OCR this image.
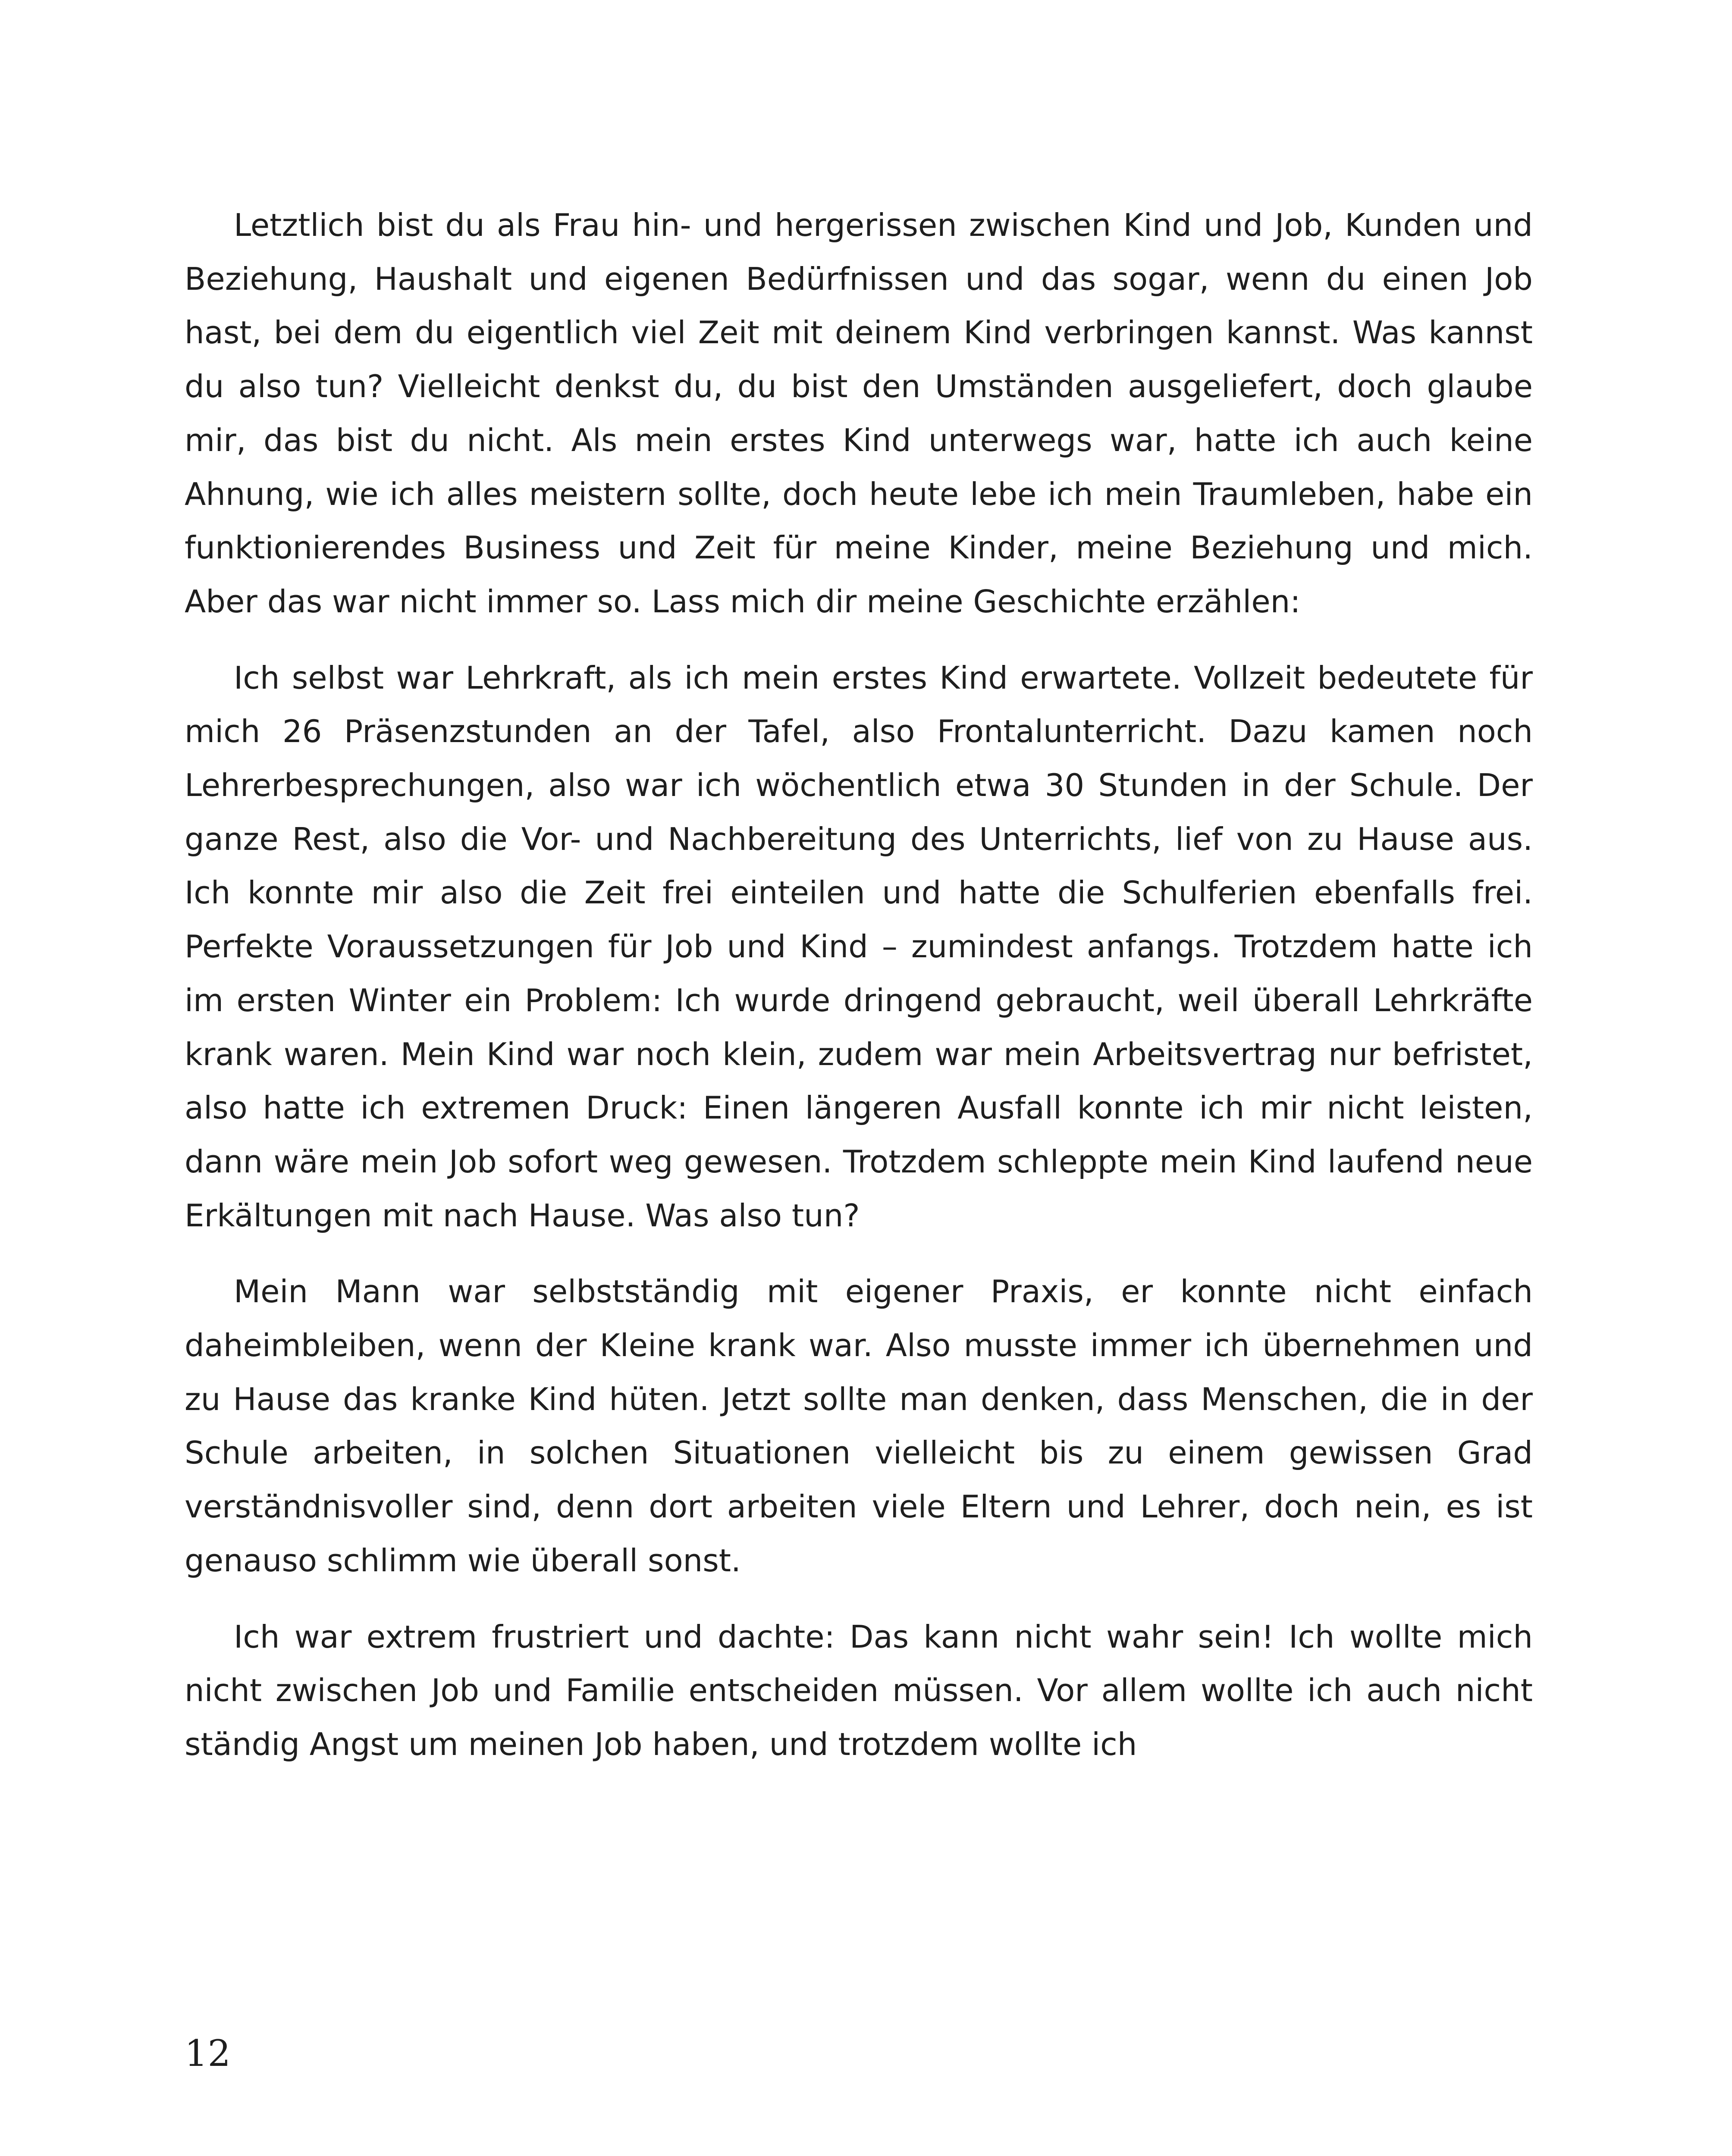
Letztlich bist du als Frau hin- und hergerissen zwischen Kind und Job, Kunden und Beziehung, Haushalt und eigenen Bedürfnissen und das sogar, wenn du einen Job hast, bei dem du eigentlich viel Zeit mit deinem Kind verbringen kannst. Was kannst du also tun? Vielleicht denkst du, du bist den Umständen ausgeliefert, doch glaube mir, das bist du nicht. Als mein erstes Kind unterwegs war, hatte ich auch keine Ahnung, wie ich alles meistern sollte, doch heute lebe ich mein Traumleben, habe ein funktionierendes Business und Zeit für meine Kinder, meine Beziehung und mich. Aber das war nicht immer so. Lass mich dir meine Geschichte erzählen:

Ich selbst war Lehrkraft, als ich mein erstes Kind erwartete. Vollzeit bedeutete für mich 26 Präsenzstunden an der Tafel, also Frontalunterricht. Dazu kamen noch Lehrerbesprechungen, also war ich wöchentlich etwa 30 Stunden in der Schule. Der ganze Rest, also die Vor- und Nachbereitung des Unterrichts, lief von zu Hause aus. Ich konnte mir also die Zeit frei einteilen und hatte die Schulferien ebenfalls frei. Perfekte Voraussetzungen für Job und Kind – zumindest anfangs. Trotzdem hatte ich im ersten Winter ein Problem: Ich wurde dringend gebraucht, weil überall Lehrkräfte krank waren. Mein Kind war noch klein, zudem war mein Arbeitsvertrag nur befristet, also hatte ich extremen Druck: Einen längeren Ausfall konnte ich mir nicht leisten, dann wäre mein Job sofort weg gewesen. Trotzdem schleppte mein Kind laufend neue Erkältungen mit nach Hause. Was also tun?

Mein Mann war selbstständig mit eigener Praxis, er konnte nicht einfach daheimbleiben, wenn der Kleine krank war. Also musste immer ich übernehmen und zu Hause das kranke Kind hüten. Jetzt sollte man denken, dass Menschen, die in der Schule arbeiten, in solchen Situationen vielleicht bis zu einem gewissen Grad verständnisvoller sind, denn dort arbeiten viele Eltern und Lehrer, doch nein, es ist genauso schlimm wie überall sonst.

Ich war extrem frustriert und dachte: Das kann nicht wahr sein! Ich wollte mich nicht zwischen Job und Familie entscheiden müssen. Vor allem wollte ich auch nicht ständig Angst um meinen Job haben, und trotzdem wollte ich

12
